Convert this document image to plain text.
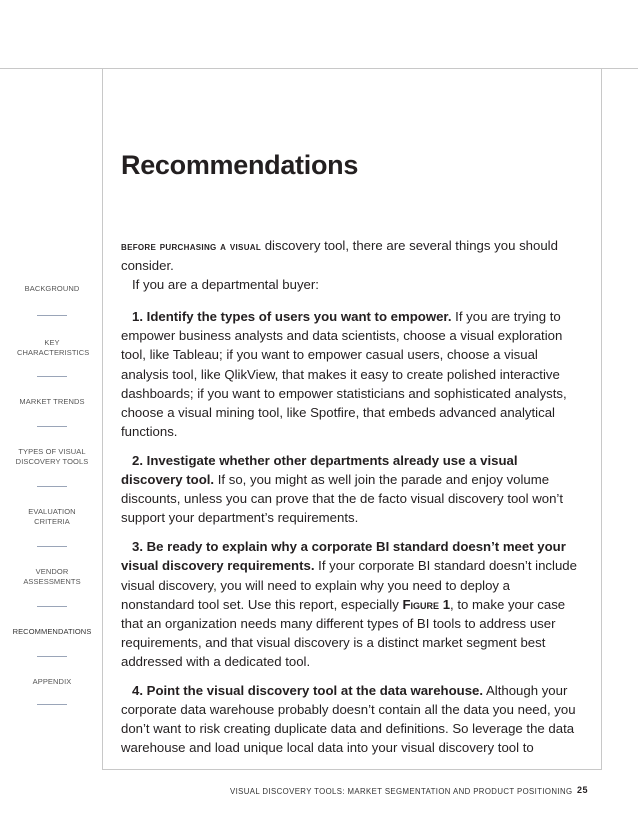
BACKGROUND
KEY CHARACTERISTICS
MARKET TRENDS
TYPES OF VISUAL DISCOVERY TOOLS
EVALUATION CRITERIA
VENDOR ASSESSMENTS
RECOMMENDATIONS
APPENDIX
Recommendations

before purchasing a visual discovery tool, there are several things you should consider.

If you are a departmental buyer:

1. Identify the types of users you want to empower. If you are trying to empower business analysts and data scientists, choose a visual exploration tool, like Tableau; if you want to empower casual users, choose a visual analysis tool, like QlikView, that makes it easy to create polished interactive dashboards; if you want to empower statisticians and sophisticated analysts, choose a visual mining tool, like Spotfire, that embeds advanced analytical functions.

2. Investigate whether other departments already use a visual discovery tool. If so, you might as well join the parade and enjoy volume discounts, unless you can prove that the de facto visual discovery tool won’t support your department’s requirements.

3. Be ready to explain why a corporate BI standard doesn’t meet your visual discovery requirements. If your corporate BI standard doesn’t include visual discovery, you will need to explain why you need to deploy a nonstandard tool set. Use this report, especially Figure 1, to make your case that an organization needs many different types of BI tools to address user requirements, and that visual discovery is a distinct market segment best addressed with a dedicated tool.

4. Point the visual discovery tool at the data warehouse. Although your corporate data warehouse probably doesn’t contain all the data you need, you don’t want to risk creating duplicate data and definitions. So leverage the data warehouse and load unique local data into your visual discovery tool to

VISUAL DISCOVERY TOOLS: MARKET SEGMENTATION AND PRODUCT POSITIONING 25
